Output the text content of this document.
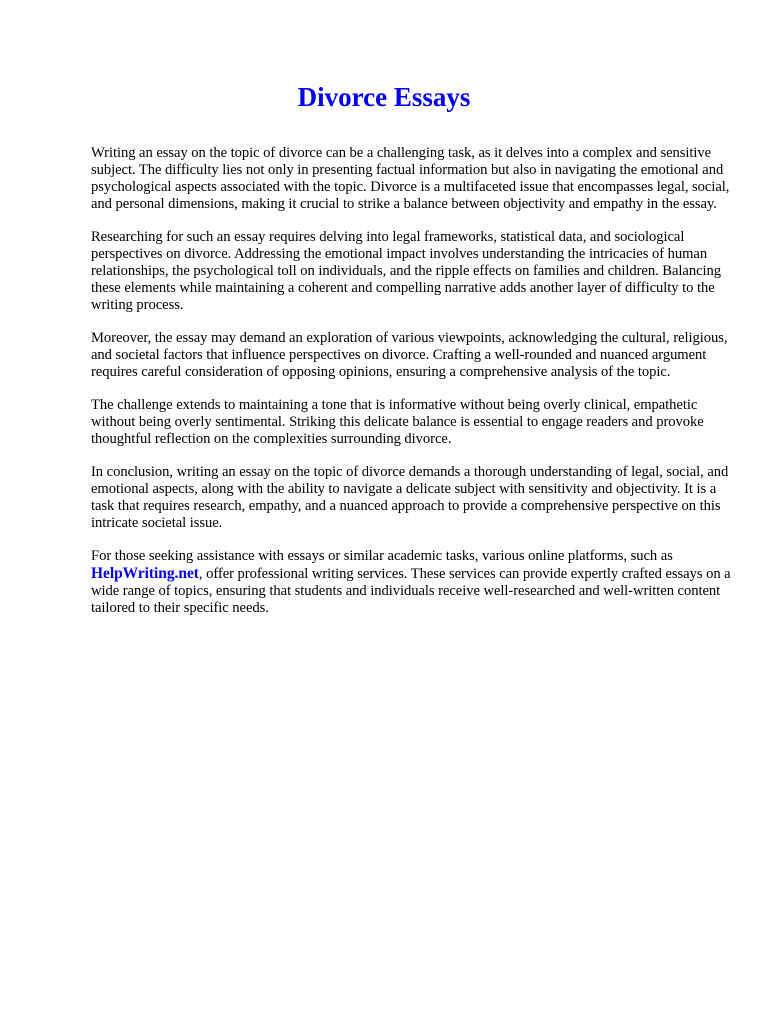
Divorce Essays

Writing an essay on the topic of divorce can be a challenging task, as it delves into a complex and sensitive subject. The difficulty lies not only in presenting factual information but also in navigating the emotional and psychological aspects associated with the topic. Divorce is a multifaceted issue that encompasses legal, social, and personal dimensions, making it crucial to strike a balance between objectivity and empathy in the essay.

Researching for such an essay requires delving into legal frameworks, statistical data, and sociological perspectives on divorce. Addressing the emotional impact involves understanding the intricacies of human relationships, the psychological toll on individuals, and the ripple effects on families and children. Balancing these elements while maintaining a coherent and compelling narrative adds another layer of difficulty to the writing process.

Moreover, the essay may demand an exploration of various viewpoints, acknowledging the cultural, religious, and societal factors that influence perspectives on divorce. Crafting a well-rounded and nuanced argument requires careful consideration of opposing opinions, ensuring a comprehensive analysis of the topic.

The challenge extends to maintaining a tone that is informative without being overly clinical, empathetic without being overly sentimental. Striking this delicate balance is essential to engage readers and provoke thoughtful reflection on the complexities surrounding divorce.

In conclusion, writing an essay on the topic of divorce demands a thorough understanding of legal, social, and emotional aspects, along with the ability to navigate a delicate subject with sensitivity and objectivity. It is a task that requires research, empathy, and a nuanced approach to provide a comprehensive perspective on this intricate societal issue.

For those seeking assistance with essays or similar academic tasks, various online platforms, such as HelpWriting.net, offer professional writing services. These services can provide expertly crafted essays on a wide range of topics, ensuring that students and individuals receive well-researched and well-written content tailored to their specific needs.
